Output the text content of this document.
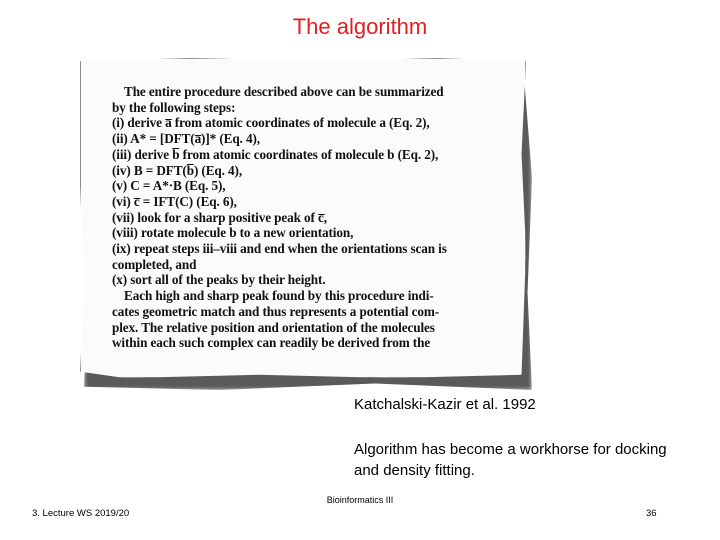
The algorithm
The entire procedure described above can be summarized
by the following steps:
(i) derive a̅ from atomic coordinates of molecule a (Eq. 2),
(ii) A* = [DFT(a̅)]* (Eq. 4),
(iii) derive b̅ from atomic coordinates of molecule b (Eq. 2),
(iv) B = DFT(b̅) (Eq. 4),
(v) C = A*·B (Eq. 5),
(vi) c̅ = IFT(C) (Eq. 6),
(vii) look for a sharp positive peak of c̅,
(viii) rotate molecule b to a new orientation,
(ix) repeat steps iii–viii and end when the orientations scan is
completed, and
(x) sort all of the peaks by their height.
Each high and sharp peak found by this procedure indi-
cates geometric match and thus represents a potential com-
plex. The relative position and orientation of the molecules
within each such complex can readily be derived from the
Katchalski-Kazir et al. 1992
Algorithm has become a workhorse for docking and density fitting.
Bioinformatics III
3. Lecture WS 2019/20	36
